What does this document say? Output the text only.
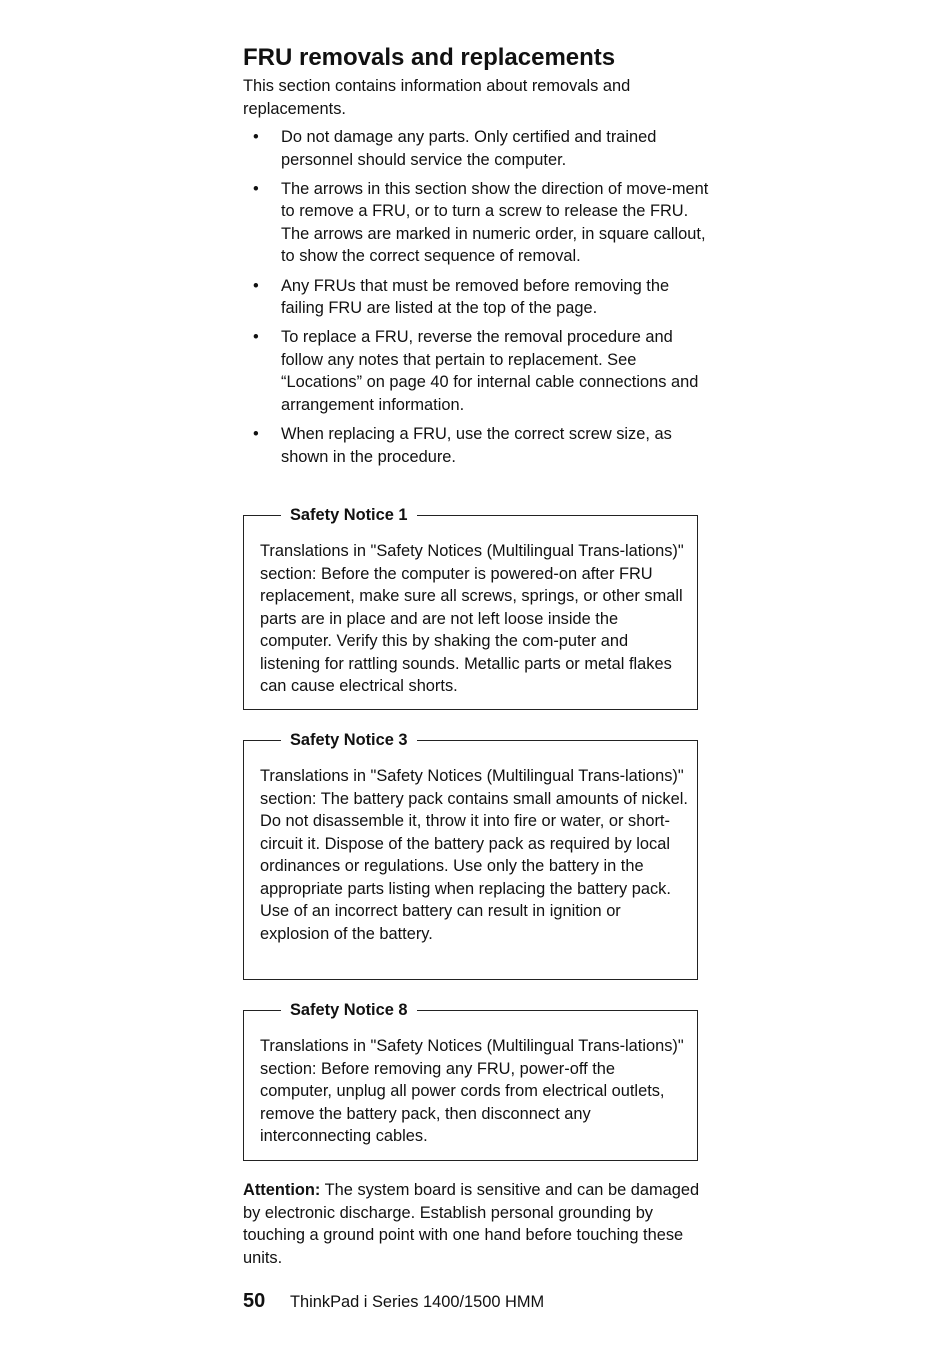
FRU removals and replacements

This section contains information about removals and replacements.

• Do not damage any parts. Only certified and trained personnel should service the computer.
• The arrows in this section show the direction of move-ment to remove a FRU, or to turn a screw to release the FRU. The arrows are marked in numeric order, in square callout, to show the correct sequence of removal.
• Any FRUs that must be removed before removing the failing FRU are listed at the top of the page.
• To replace a FRU, reverse the removal procedure and follow any notes that pertain to replacement. See “Locations” on page 40 for internal cable connections and arrangement information.
• When replacing a FRU, use the correct screw size, as shown in the procedure.
Safety Notice 1
Translations in "Safety Notices (Multilingual Trans-lations)" section: Before the computer is powered-on after FRU replacement, make sure all screws, springs, or other small parts are in place and are not left loose inside the computer. Verify this by shaking the com-puter and listening for rattling sounds. Metallic parts or metal flakes can cause electrical shorts.
Safety Notice 3
Translations in "Safety Notices (Multilingual Trans-lations)" section: The battery pack contains small amounts of nickel. Do not disassemble it, throw it into fire or water, or short-circuit it. Dispose of the battery pack as required by local ordinances or regulations. Use only the battery in the appropriate parts listing when replacing the battery pack. Use of an incorrect battery can result in ignition or explosion of the battery.
Safety Notice 8
Translations in "Safety Notices (Multilingual Trans-lations)" section: Before removing any FRU, power-off the computer, unplug all power cords from electrical outlets, remove the battery pack, then disconnect any interconnecting cables.

Attention: The system board is sensitive and can be damaged by electronic discharge. Establish personal grounding by touching a ground point with one hand before touching these units.

50 ThinkPad i Series 1400/1500 HMM
